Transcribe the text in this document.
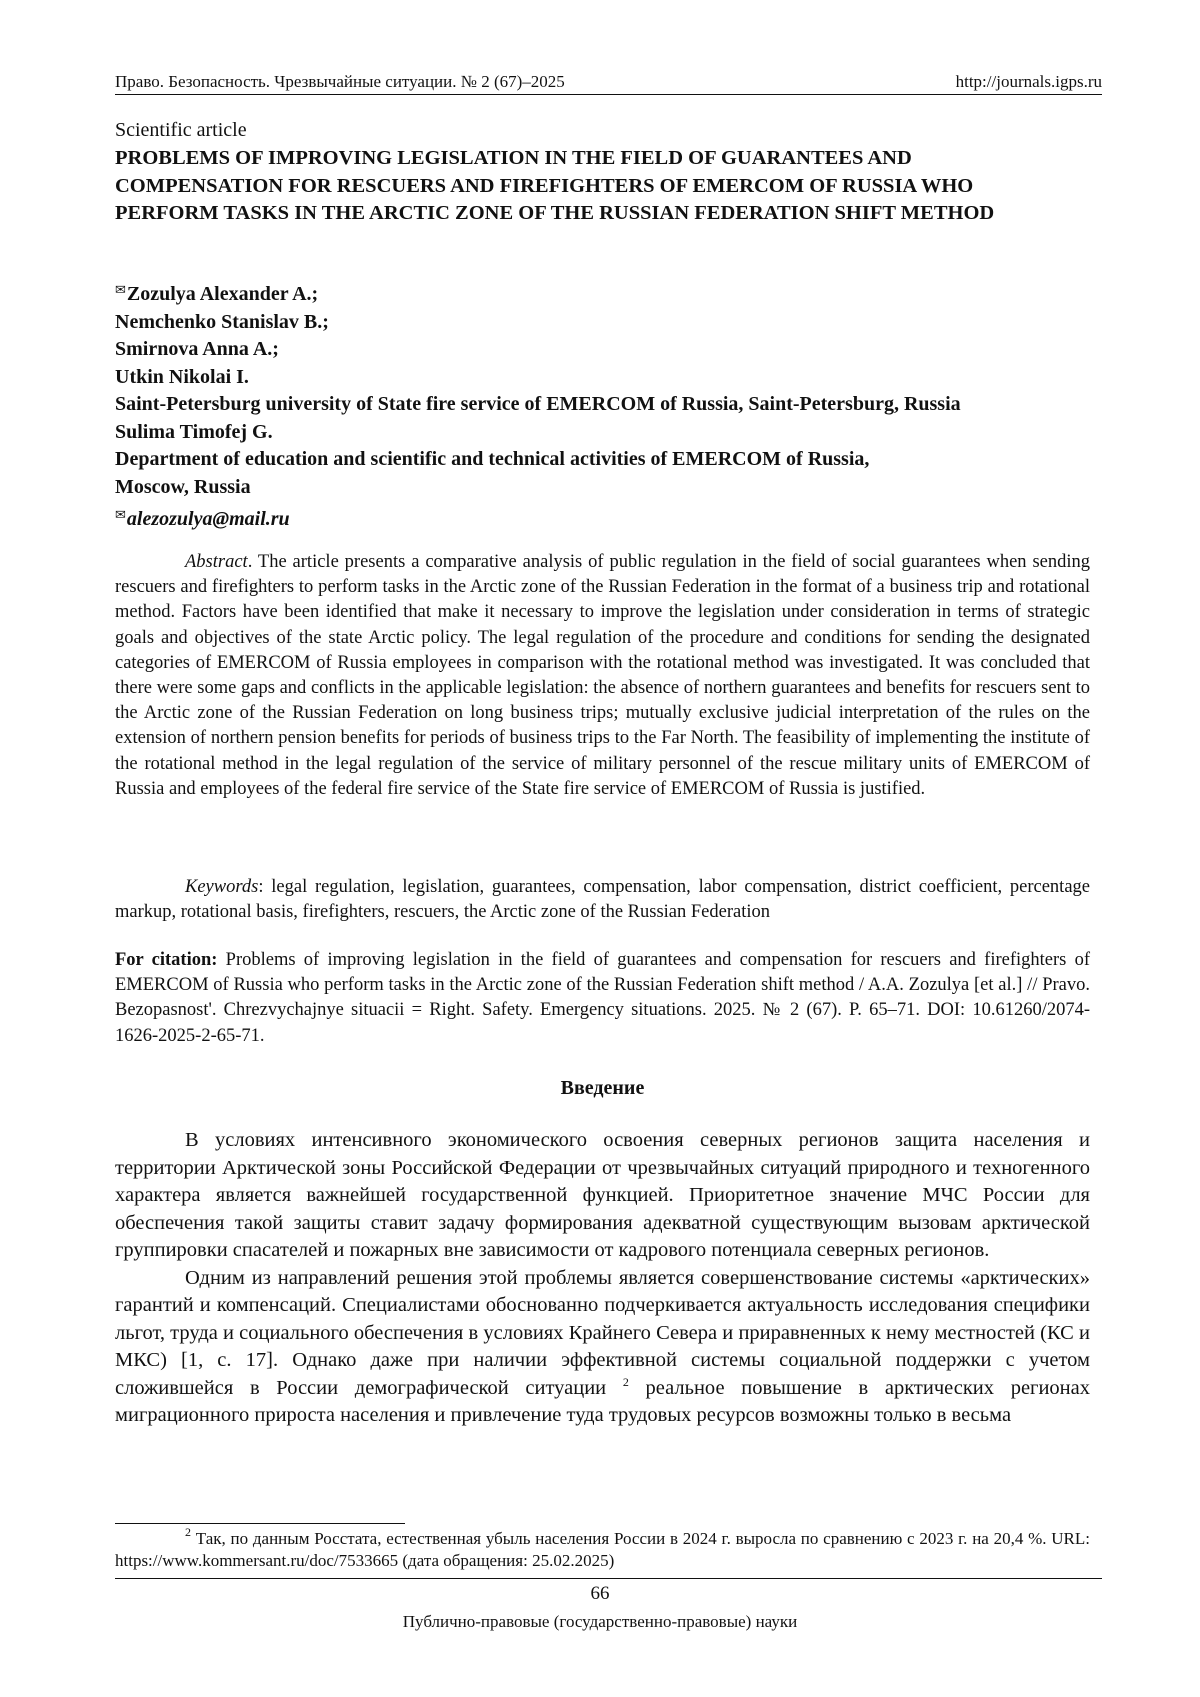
Право. Безопасность. Чрезвычайные ситуации. № 2 (67)–2025	http://journals.igps.ru
Scientific article
PROBLEMS OF IMPROVING LEGISLATION IN THE FIELD OF GUARANTEES AND COMPENSATION FOR RESCUERS AND FIREFIGHTERS OF EMERCOM OF RUSSIA WHO PERFORM TASKS IN THE ARCTIC ZONE OF THE RUSSIAN FEDERATION SHIFT METHOD
✉Zozulya Alexander A.;
Nemchenko Stanislav B.;
Smirnova Anna A.;
Utkin Nikolai I.
Saint-Petersburg university of State fire service of EMERCOM of Russia, Saint-Petersburg, Russia
Sulima Timofej G.
Department of education and scientific and technical activities of EMERCOM of Russia,
Moscow, Russia
✉alezozulya@mail.ru

Abstract. The article presents a comparative analysis of public regulation in the field of social guarantees when sending rescuers and firefighters to perform tasks in the Arctic zone of the Russian Federation in the format of a business trip and rotational method. Factors have been identified that make it necessary to improve the legislation under consideration in terms of strategic goals and objectives of the state Arctic policy. The legal regulation of the procedure and conditions for sending the designated categories of EMERCOM of Russia employees in comparison with the rotational method was investigated. It was concluded that there were some gaps and conflicts in the applicable legislation: the absence of northern guarantees and benefits for rescuers sent to the Arctic zone of the Russian Federation on long business trips; mutually exclusive judicial interpretation of the rules on the extension of northern pension benefits for periods of business trips to the Far North. The feasibility of implementing the institute of the rotational method in the legal regulation of the service of military personnel of the rescue military units of EMERCOM of Russia and employees of the federal fire service of the State fire service of EMERCOM of Russia is justified.

Keywords: legal regulation, legislation, guarantees, compensation, labor compensation, district coefficient, percentage markup, rotational basis, firefighters, rescuers, the Arctic zone of the Russian Federation

For citation: Problems of improving legislation in the field of guarantees and compensation for rescuers and firefighters of EMERCOM of Russia who perform tasks in the Arctic zone of the Russian Federation shift method / A.A. Zozulya [et al.] // Pravo. Bezopasnost'. Chrezvychajnye situacii = Right. Safety. Emergency situations. 2025. № 2 (67). P. 65–71. DOI: 10.61260/2074-1626-2025-2-65-71.

Введение

В условиях интенсивного экономического освоения северных регионов защита населения и территории Арктической зоны Российской Федерации от чрезвычайных ситуаций природного и техногенного характера является важнейшей государственной функцией. Приоритетное значение МЧС России для обеспечения такой защиты ставит задачу формирования адекватной существующим вызовам арктической группировки спасателей и пожарных вне зависимости от кадрового потенциала северных регионов.

Одним из направлений решения этой проблемы является совершенствование системы «арктических» гарантий и компенсаций. Специалистами обоснованно подчеркивается актуальность исследования специфики льгот, труда и социального обеспечения в условиях Крайнего Севера и приравненных к нему местностей (КС и МКС) [1, с. 17]. Однако даже при наличии эффективной системы социальной поддержки с учетом сложившейся в России демографической ситуации $^2$ реальное повышение в арктических регионах миграционного прироста населения и привлечение туда трудовых ресурсов возможны только в весьма

$^2$ Так, по данным Росстата, естественная убыль населения России в 2024 г. выросла по сравнению с 2023 г. на 20,4 %. URL: https://www.kommersant.ru/doc/7533665 (дата обращения: 25.02.2025)

66
Публично-правовые (государственно-правовые) науки
